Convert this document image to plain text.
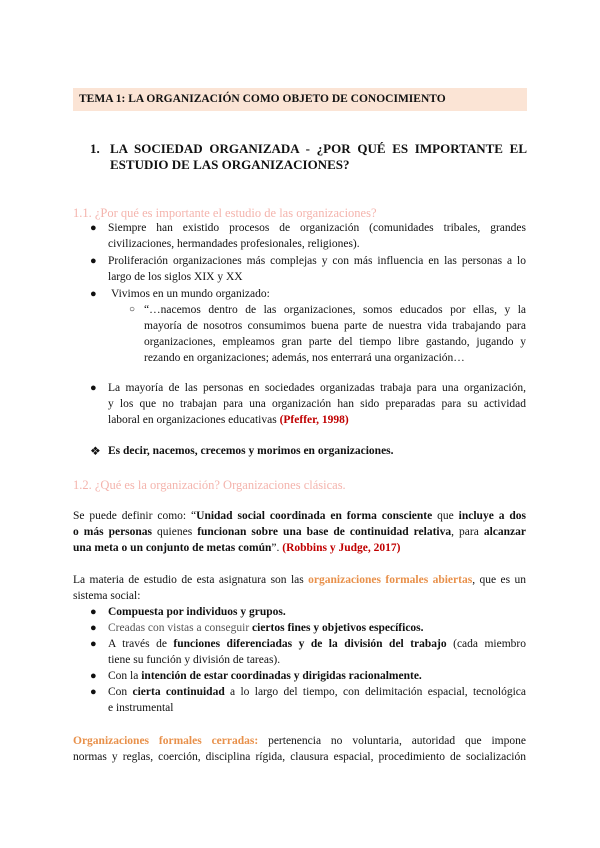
TEMA 1: LA ORGANIZACIÓN COMO OBJETO DE CONOCIMIENTO
1. LA SOCIEDAD ORGANIZADA - ¿POR QUÉ ES IMPORTANTE EL
ESTUDIO DE LAS ORGANIZACIONES?
1.1. ¿Por qué es importante el estudio de las organizaciones?
● Siempre han existido procesos de organización (comunidades tribales, grandes
civilizaciones, hermandades profesionales, religiones).
● Proliferación organizaciones más complejas y con más influencia en las personas a lo
largo de los siglos XIX y XX
● Vivimos en un mundo organizado:
○ “…nacemos dentro de las organizaciones, somos educados por ellas, y la
mayoría de nosotros consumimos buena parte de nuestra vida trabajando para
organizaciones, empleamos gran parte del tiempo libre gastando, jugando y
rezando en organizaciones; además, nos enterrará una organización…
● La mayoría de las personas en sociedades organizadas trabaja para una organización,
y los que no trabajan para una organización han sido preparadas para su actividad
laboral en organizaciones educativas (Pfeffer, 1998)
❖ Es decir, nacemos, crecemos y morimos en organizaciones.
1.2. ¿Qué es la organización? Organizaciones clásicas.
Se puede definir como: “Unidad social coordinada en forma consciente que incluye a dos
o más personas quienes funcionan sobre una base de continuidad relativa, para alcanzar
una meta o un conjunto de metas común”. (Robbins y Judge, 2017)
La materia de estudio de esta asignatura son las organizaciones formales abiertas, que es un
sistema social:
● Compuesta por individuos y grupos.
● Creadas con vistas a conseguir ciertos fines y objetivos específicos.
● A través de funciones diferenciadas y de la división del trabajo (cada miembro
tiene su función y división de tareas).
● Con la intención de estar coordinadas y dirigidas racionalmente.
● Con cierta continuidad a lo largo del tiempo, con delimitación espacial, tecnológica
e instrumental
Organizaciones formales cerradas: pertenencia no voluntaria, autoridad que impone
normas y reglas, coerción, disciplina rígida, clausura espacial, procedimiento de socialización
